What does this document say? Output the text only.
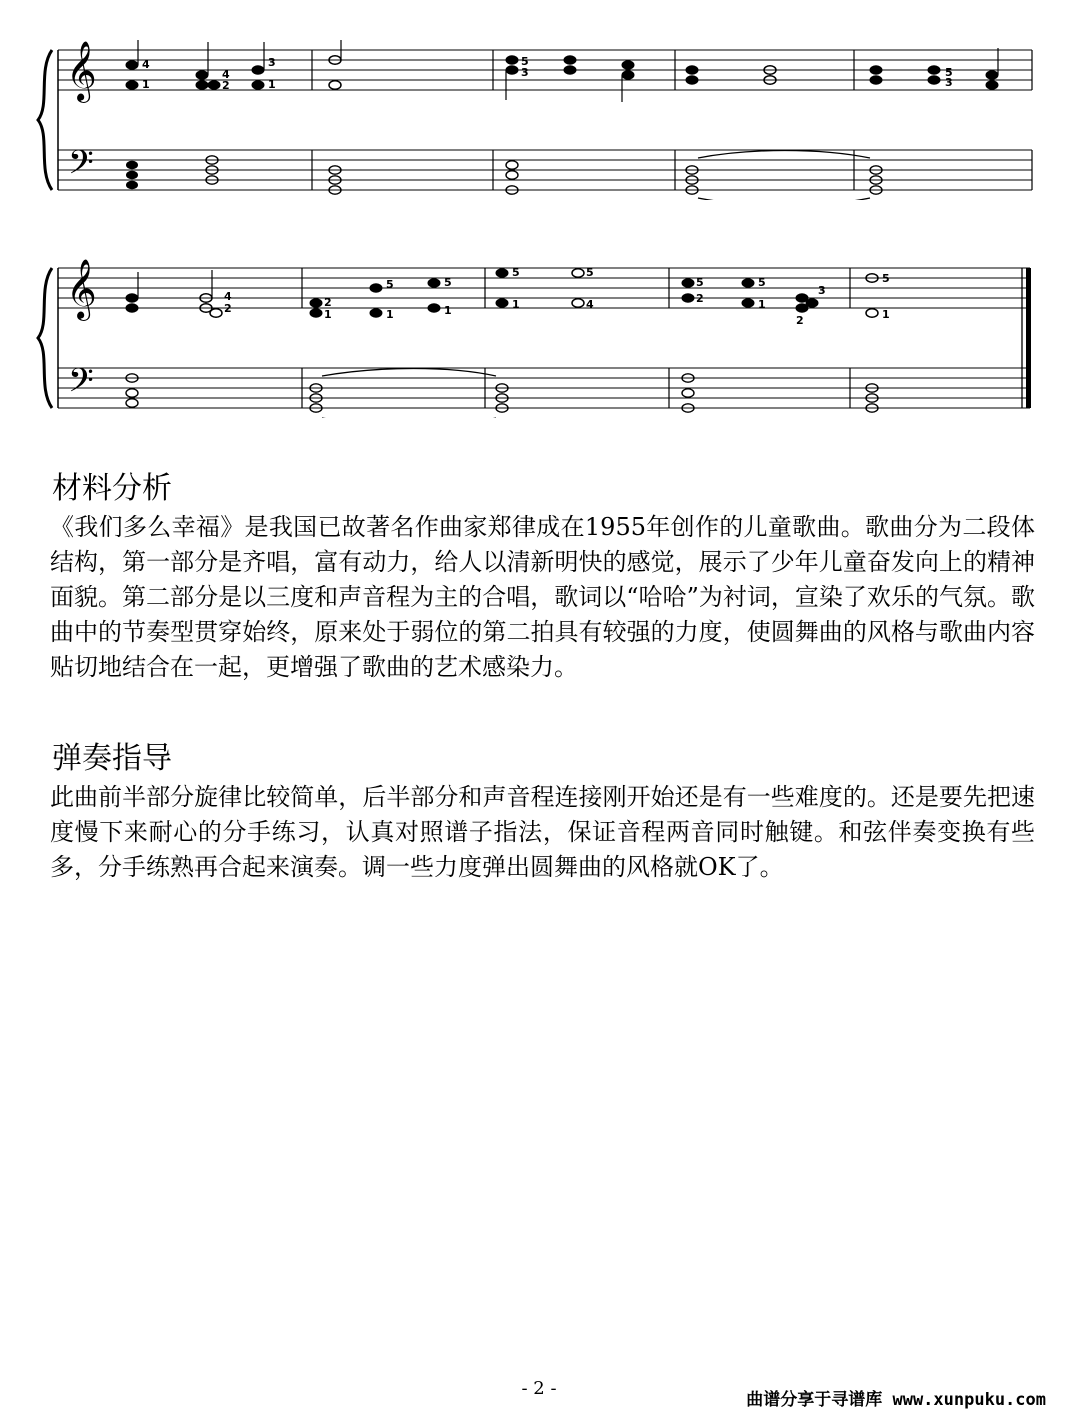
𝄞
𝄢
4
1
4
2
3
1
5
3	5
3
𝄞
𝄢
4
2	2
1
5
1
5
1
5
1
5
4
5
2
5
1
3
2
5
1
材料分析

《我们多么幸福》是我国已故著名作曲家郑律成在1955年创作的儿童歌曲。歌曲分为二段体结构，第一部分是齐唱，富有动力，给人以清新明快的感觉，展示了少年儿童奋发向上的精神面貌。第二部分是以三度和声音程为主的合唱，歌词以“哈哈”为衬词，宣染了欢乐的气氛。歌曲中的节奏型贯穿始终，原来处于弱位的第二拍具有较强的力度，使圆舞曲的风格与歌曲内容贴切地结合在一起，更增强了歌曲的艺术感染力。

弹奏指导

此曲前半部分旋律比较简单，后半部分和声音程连接刚开始还是有一些难度的。还是要先把速度慢下来耐心的分手练习，认真对照谱子指法，保证音程两音同时触键。和弦伴奏变换有些多，分手练熟再合起来演奏。调一些力度弹出圆舞曲的风格就OK了。

- 2 -
曲谱分享于寻谱库 www.xunpuku.com
